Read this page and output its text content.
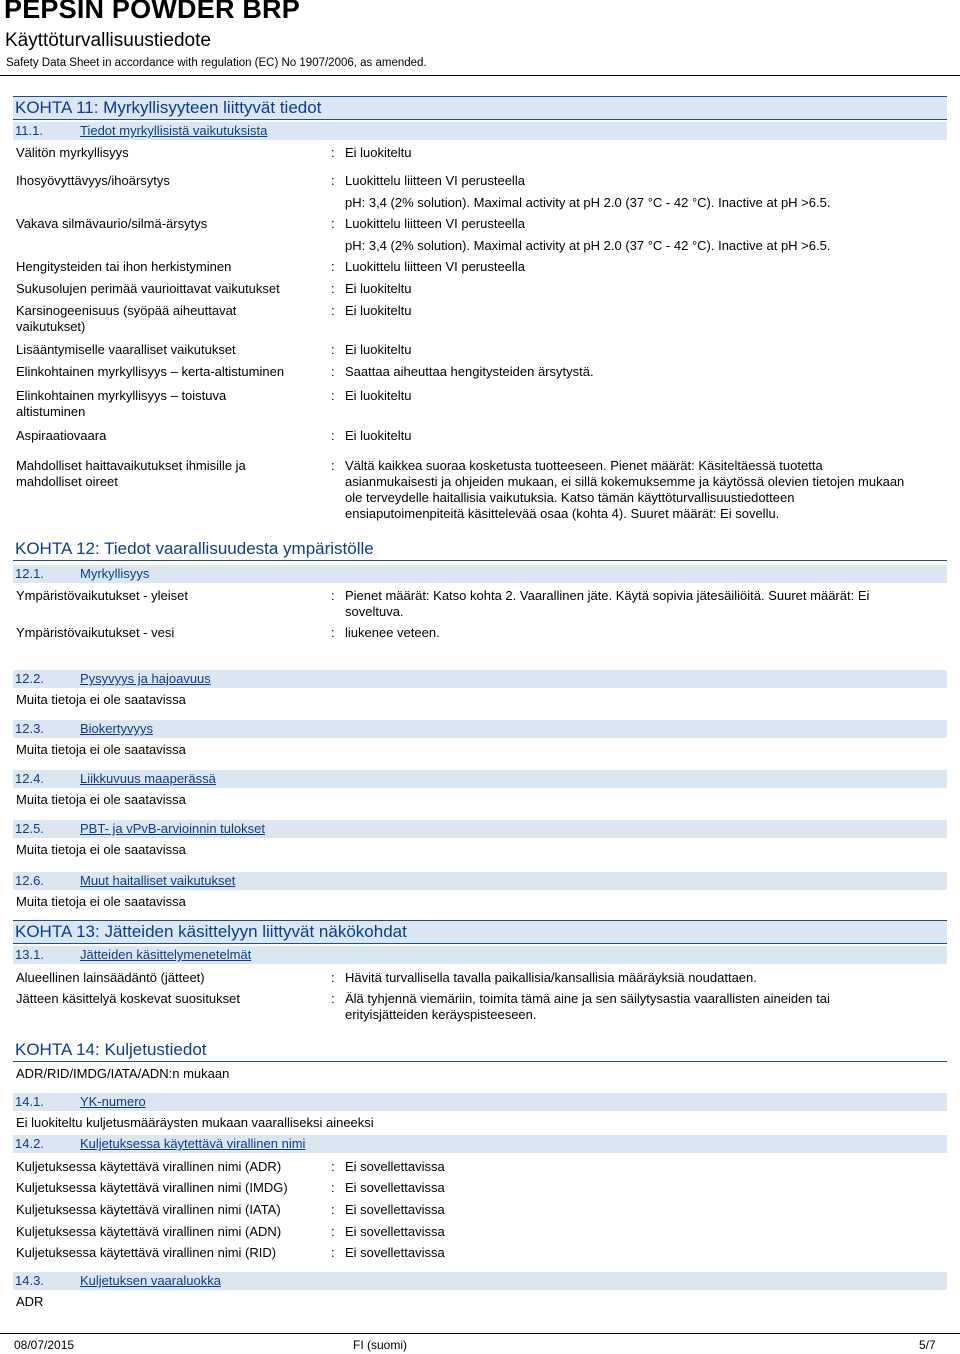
PEPSIN POWDER BRP
Käyttöturvallisuustiedote
Safety Data Sheet in accordance with regulation (EC) No 1907/2006, as amended.
KOHTA 11: Myrkyllisyyteen liittyvät tiedot
11.1.	Tiedot myrkyllisistä vaikutuksista
Välitön myrkyllisyys	: Ei luokiteltu
Ihosyövyttävyys/ihoärsytys	: Luokittelu liitteen VI perusteella
pH: 3,4 (2% solution). Maximal activity at pH 2.0 (37 °C - 42 °C). Inactive at pH >6.5.
Vakava silmävaurio/silmä-ärsytys	: Luokittelu liitteen VI perusteella
pH: 3,4 (2% solution). Maximal activity at pH 2.0 (37 °C - 42 °C). Inactive at pH >6.5.
Hengitysteiden tai ihon herkistyminen	: Luokittelu liitteen VI perusteella
Sukusolujen perimää vaurioittavat vaikutukset	: Ei luokiteltu
Karsinogeenisuus (syöpää aiheuttavat
vaikutukset)
: Ei luokiteltu
Lisääntymiselle vaaralliset vaikutukset	: Ei luokiteltu
Elinkohtainen myrkyllisyys – kerta-altistuminen	: Saattaa aiheuttaa hengitysteiden ärsytystä.
Elinkohtainen myrkyllisyys – toistuva
altistuminen
: Ei luokiteltu
Aspiraatiovaara	: Ei luokiteltu
Mahdolliset haittavaikutukset ihmisille ja
mahdolliset oireet
: Vältä kaikkea suoraa kosketusta tuotteeseen. Pienet määrät: Käsiteltäessä tuotetta asianmukaisesti ja ohjeiden mukaan, ei sillä kokemuksemme ja käytössä olevien tietojen mukaan ole terveydelle haitallisia vaikutuksia. Katso tämän käyttöturvallisuustiedotteen ensiaputoimenpiteitä käsittelevää osaa (kohta 4). Suuret määrät: Ei sovellu.
KOHTA 12: Tiedot vaarallisuudesta ympäristölle
12.1.	Myrkyllisyys
Ympäristövaikutukset - yleiset	: Pienet määrät: Katso kohta 2. Vaarallinen jäte. Käytä sopivia jätesäiliöitä. Suuret määrät: Ei soveltuva.
Ympäristövaikutukset - vesi	: liukenee veteen.
12.2.	Pysyvyys ja hajoavuus
Muita tietoja ei ole saatavissa
12.3.	Biokertyvyys
Muita tietoja ei ole saatavissa
12.4.	Liikkuvuus maaperässä
Muita tietoja ei ole saatavissa
12.5.	PBT- ja vPvB-arvioinnin tulokset
Muita tietoja ei ole saatavissa
12.6.	Muut haitalliset vaikutukset
Muita tietoja ei ole saatavissa
KOHTA 13: Jätteiden käsittelyyn liittyvät näkökohdat
13.1.	Jätteiden käsittelymenetelmät
Alueellinen lainsäädäntö (jätteet)	: Hävitä turvallisella tavalla paikallisia/kansallisia määräyksiä noudattaen.
Jätteen käsittelyä koskevat suositukset	: Älä tyhjennä viemäriin, toimita tämä aine ja sen säilytysastia vaarallisten aineiden tai erityisjätteiden keräyspisteeseen.
KOHTA 14: Kuljetustiedot
ADR/RID/IMDG/IATA/ADN:n mukaan
14.1.	YK-numero
Ei luokiteltu kuljetusmääräysten mukaan vaaralliseksi aineeksi
14.2.	Kuljetuksessa käytettävä virallinen nimi
Kuljetuksessa käytettävä virallinen nimi (ADR)	: Ei sovellettavissa
Kuljetuksessa käytettävä virallinen nimi (IMDG)	: Ei sovellettavissa
Kuljetuksessa käytettävä virallinen nimi (IATA)	: Ei sovellettavissa
Kuljetuksessa käytettävä virallinen nimi (ADN)	: Ei sovellettavissa
Kuljetuksessa käytettävä virallinen nimi (RID)	: Ei sovellettavissa
14.3.	Kuljetuksen vaaraluokka
ADR
08/07/2015	FI (suomi)	5/7
